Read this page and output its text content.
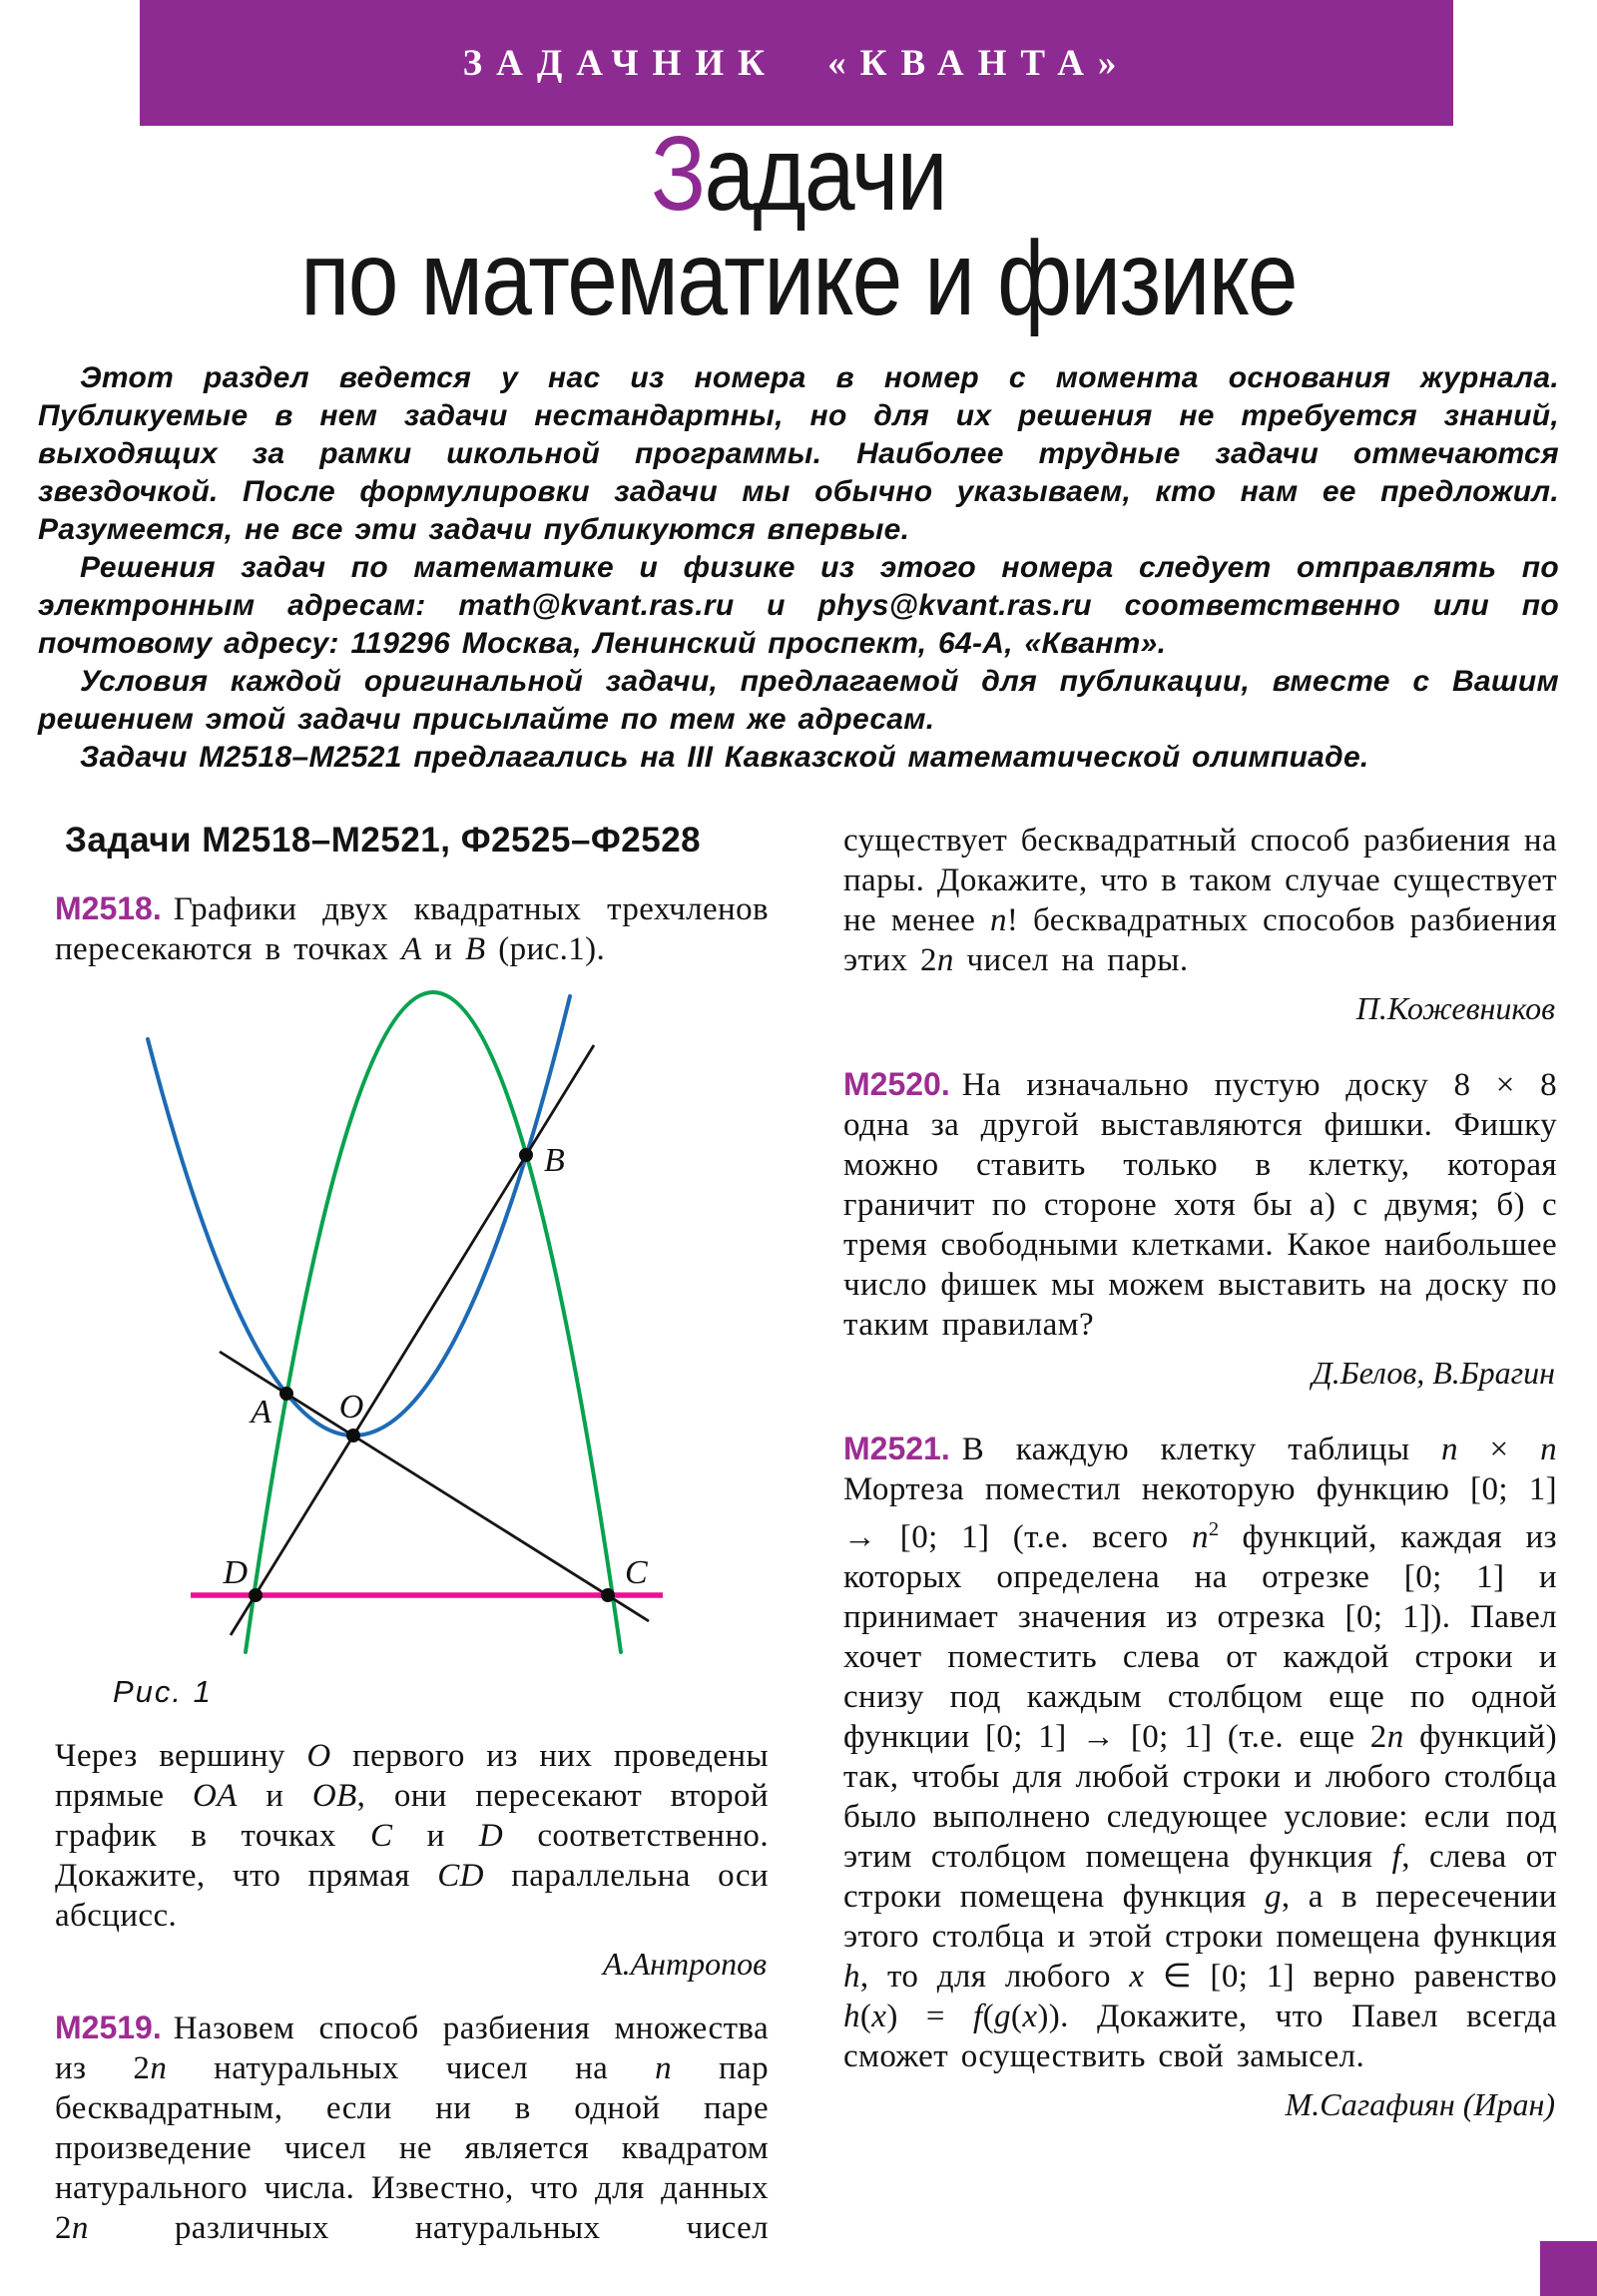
ЗАДАЧНИК «КВАНТА»
Задачи
по математике и физике

Этот раздел ведется у нас из номера в номер с момента основания журнала. Публикуемые в нем задачи нестандартны, но для их решения не требуется знаний, выходящих за рамки школьной программы. Наиболее трудные задачи отмечаются звездочкой. После формулировки задачи мы обычно указываем, кто нам ее предложил. Разумеется, не все эти задачи публикуются впервые.

Решения задач по математике и физике из этого номера следует отправлять по электронным адресам: math@kvant.ras.ru и phys@kvant.ras.ru соответственно или по почтовому адресу: 119296 Москва, Ленинский проспект, 64-А, «Квант».

Условия каждой оригинальной задачи, предлагаемой для публикации, вместе с Вашим решением этой задачи присылайте по тем же адресам.

Задачи М2518–М2521 предлагались на III Кавказской математической олимпиаде.

Задачи М2518–М2521, Ф2525–Ф2528

М2518. Графики двух квадратных трехчленов пересекаются в точках A и B (рис.1).

A
B
O
D	C
Рис. 1

Через вершину O первого из них проведены прямые OA и OB, они пересекают второй график в точках C и D соответственно. Докажите, что прямая CD параллельна оси абсцисс.

А.Антропов

М2519. Назовем способ разбиения множества из 2n натуральных чисел на n пар бесквадратным, если ни в одной паре произведение чисел не является квадратом натурального числа. Известно, что для данных 2n различных натуральных чисел

существует бесквадратный способ разбиения на пары. Докажите, что в таком случае существует не менее n! бесквадратных способов разбиения этих 2n чисел на пары.

П.Кожевников

М2520. На изначально пустую доску 8 × 8 одна за другой выставляются фишки. Фишку можно ставить только в клетку, которая граничит по стороне хотя бы а) с двумя; б) с тремя свободными клетками. Какое наибольшее число фишек мы можем выставить на доску по таким правилам?

Д.Белов, В.Брагин

М2521. В каждую клетку таблицы n × n Мортеза поместил некоторую функцию [0; 1] → [0; 1] (т.е. всего $n^2$ функций, каждая из которых определена на отрезке [0; 1] и принимает значения из отрезка [0; 1]). Павел хочет поместить слева от каждой строки и снизу под каждым столбцом еще по одной функции [0; 1] → [0; 1] (т.е. еще 2n функций) так, чтобы для любой строки и любого столбца было выполнено следующее условие: если под этим столбцом помещена функция f, слева от строки помещена функция g, а в пересечении этого столбца и этой строки помещена функция h, то для любого x ∈ [0; 1] верно равенство h(x) = f(g(x)). Докажите, что Павел всегда сможет осуществить свой замысел.

М.Сагафиян (Иран)
